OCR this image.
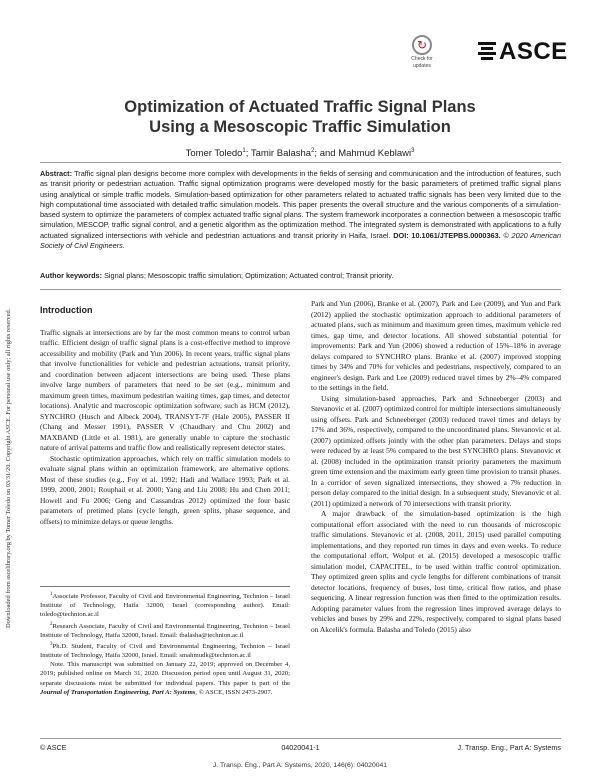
Downloaded from ascelibrary.org by Tomer Toledo on 03/31/20. Copyright ASCE. For personal use only; all rights reserved.
↻
Check for
updates
ASCE
Optimization of Actuated Traffic Signal Plans
Using a Mesoscopic Traffic Simulation
Tomer Toledo$^1$; Tamir Balasha$^2$; and Mahmud Keblawi$^3$
Abstract: Traffic signal plan designs become more complex with developments in the fields of sensing and communication and the introduction of features, such as transit priority or pedestrian actuation. Traffic signal optimization programs were developed mostly for the basic parameters of pretimed traffic signal plans using analytical or simple traffic models. Simulation-based optimization for other parameters related to actuated traffic signals has been very limited due to the high computational time associated with detailed traffic simulation models. This paper presents the overall structure and the various components of a simulation-based system to optimize the parameters of complex actuated traffic signal plans. The system framework incorporates a connection between a mesoscopic traffic simulation, MESCOP, traffic signal control, and a genetic algorithm as the optimization method. The integrated system is demonstrated with applications to a fully actuated signalized intersections with vehicle and pedestrian actuations and transit priority in Haifa, Israel. DOI: 10.1061/JTEPBS.0000363. © 2020 American Society of Civil Engineers.
Author keywords: Signal plans; Mesoscopic traffic simulation; Optimization; Actuated control; Transit priority.
Introduction

Traffic signals at intersections are by far the most common means to control urban traffic. Efficient design of traffic signal plans is a cost-effective method to improve accessibility and mobility (Park and Yun 2006). In recent years, traffic signal plans that involve functionalities for vehicle and pedestrian actuations, transit priority, and coordination between adjacent intersections are being used. These plans involve large numbers of parameters that need to be set (e.g., minimum and maximum green times, maximum pedestrian waiting times, gap times, and detector locations). Analytic and macroscopic optimization software, such as HCM (2012), SYNCHRO (Husch and Albeck 2004), TRANSYT-7F (Hale 2005), PASSER II (Chang and Messer 1991), PASSER V (Chaudhary and Chu 2002) and MAXBAND (Little et al. 1981), are generally unable to capture the stochastic nature of arrival patterns and traffic flow and realistically represent detector states.

Stochastic optimization approaches, which rely on traffic simulation models to evaluate signal plans within an optimization framework, are alternative options. Most of these studies (e.g., Foy et al. 1992; Hadi and Wallace 1993; Park et al. 1999, 2000, 2001; Rouphail et al. 2000; Yang and Liu 2008; Hu and Chen 2011; Howell and Fu 2006; Geng and Cassandras 2012) optimized the four basic parameters of pretimed plans (cycle length, green splits, phase sequence, and offsets) to minimize delays or queue lengths.

$^1$Associate Professor, Faculty of Civil and Environmental Engineering, Technion – Israel Institute of Technology, Haifa 32000, Israel (corresponding author). Email: toledo@technion.ac.il

$^2$Research Associate, Faculty of Civil and Environmental Engineering, Technion – Israel Institute of Technology, Haifa 32000, Israel. Email: tbalasha@technion.ac.il

$^3$Ph.D. Student, Faculty of Civil and Environmental Engineering, Technion – Israel Institute of Technology, Haifa 32000, Israel. Email: smahmudk@technion.ac.il

Note. This manuscript was submitted on January 22, 2019; approved on December 4, 2019; published online on March 31, 2020. Discussion period open until August 31, 2020; separate discussions must be submitted for individual papers. This paper is part of the Journal of Transportation Engineering, Part A: Systems, © ASCE, ISSN 2473-2907.

Park and Yun (2006), Branke et al. (2007), Park and Lee (2009), and Yun and Park (2012) applied the stochastic optimization approach to additional parameters of actuated plans, such as minimum and maximum green times, maximum vehicle red times, gap time, and detector locations. All showed substantial potential for improvements: Park and Yun (2006) showed a reduction of 15%–18% in average delays compared to SYNCHRO plans. Branke et al. (2007) improved stopping times by 34% and 70% for vehicles and pedestrians, respectively, compared to an engineer's design. Park and Lee (2009) reduced travel times by 2%–4% compared to the settings in the field.

Using simulation-based approaches, Park and Schneeberger (2003) and Stevanovic et al. (2007) optimized control for multiple intersections simultaneously using offsets. Park and Schneeberger (2003) reduced travel times and delays by 17% and 36%, respectively, compared to the uncoordinated plans. Stevanovic et al. (2007) optimized offsets jointly with the other plan parameters. Delays and stops were reduced by at least 5% compared to the best SYNCHRO plans. Stevanovic et al. (2008) included in the optimization transit priority parameters the maximum green time extension and the maximum early green time provision to transit phases. In a corridor of seven signalized intersections, they showed a 7% reduction in person delay compared to the initial design. In a subsequent study, Stevanovic et al. (2011) optimized a network of 70 intersections with transit priority.

A major drawback of the simulation-based optimization is the high computational effort associated with the need to run thousands of microscopic traffic simulations. Stevanovic et al. (2008, 2011, 2015) used parallel computing implementations, and they reported run times in days and even weeks. To reduce the computational effort, Wolput et al. (2015) developed a mesoscopic traffic simulation model, CAPACITEL, to be used within traffic control optimization. They optimized green splits and cycle lengths for different combinations of transit detector locations, frequency of buses, lost time, critical flow ratios, and phase sequencing. A linear regression function was then fitted to the optimization results. Adopting parameter values from the regression lines improved average delays to vehicles and buses by 29% and 22%, respectively, compared to signal plans based on Akcelik's formula. Balasha and Toledo (2015) also

© ASCE	04020041-1	J. Transp. Eng., Part A: Systems
J. Transp. Eng., Part A: Systems, 2020, 146(6): 04020041
